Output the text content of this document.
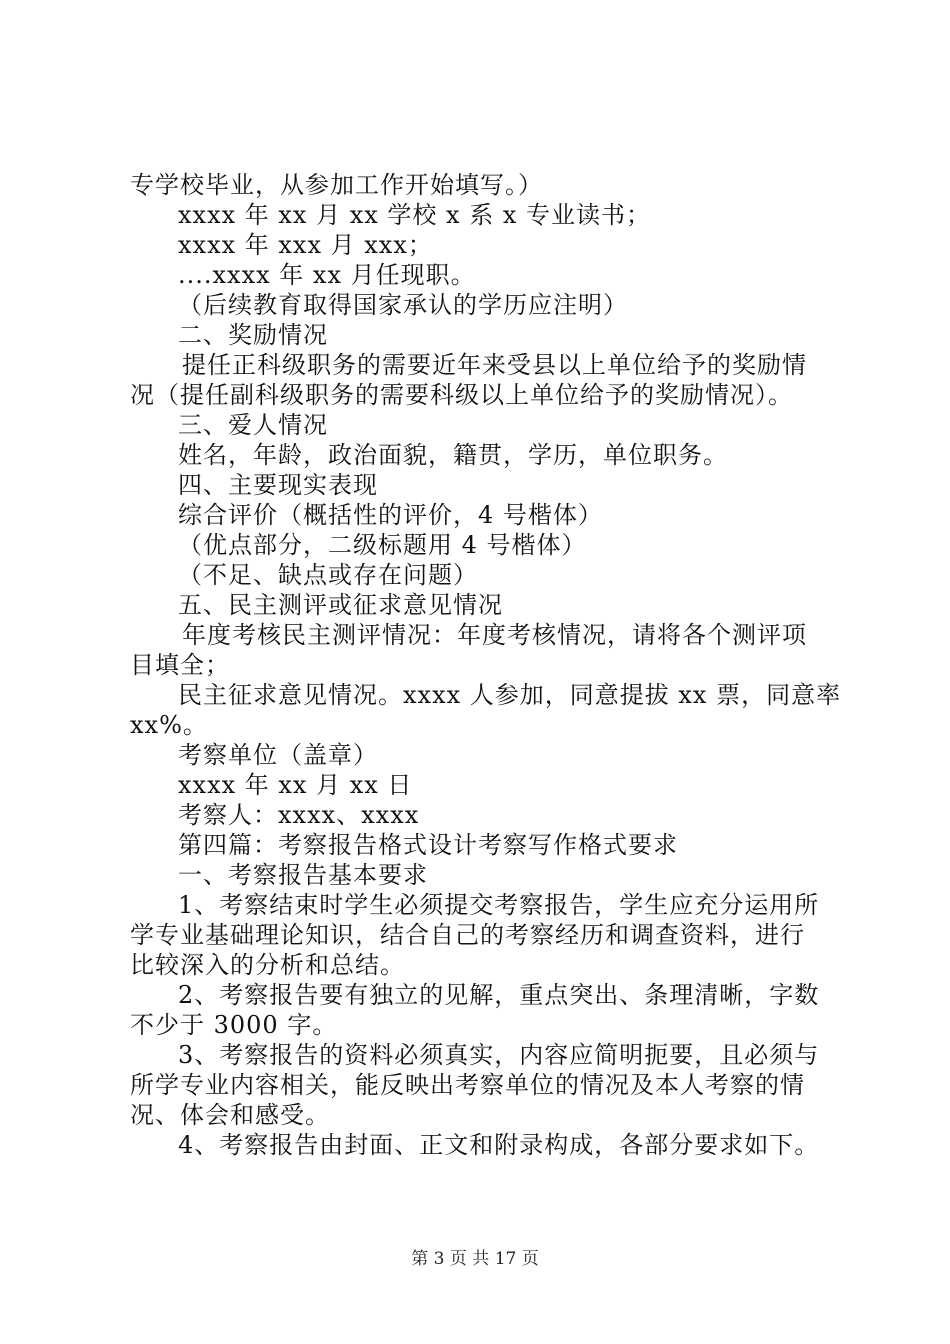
专学校毕业，从参加工作开始填写。）
xxxx 年 xx 月 xx 学校 x 系 x 专业读书；
xxxx 年 xxx 月 xxx；
....xxxx 年 xx 月任现职。
（后续教育取得国家承认的学历应注明）
二、奖励情况
提任正科级职务的需要近年来受县以上单位给予的奖励情
况（提任副科级职务的需要科级以上单位给予的奖励情况）。
三、爱人情况
姓名，年龄，政治面貌，籍贯，学历，单位职务。
四、主要现实表现
综合评价（概括性的评价，4 号楷体）
（优点部分，二级标题用 4 号楷体）
（不足、缺点或存在问题）
五、民主测评或征求意见情况
年度考核民主测评情况：年度考核情况，请将各个测评项
目填全；
民主征求意见情况。xxxx 人参加，同意提拔 xx 票，同意率
xx%。
考察单位（盖章）
xxxx 年 xx 月 xx 日
考察人：xxxx、xxxx
第四篇：考察报告格式设计考察写作格式要求
一、考察报告基本要求
1、考察结束时学生必须提交考察报告，学生应充分运用所
学专业基础理论知识，结合自己的考察经历和调查资料，进行
比较深入的分析和总结。
2、考察报告要有独立的见解，重点突出、条理清晰，字数
不少于 3000 字。
3、考察报告的资料必须真实，内容应简明扼要，且必须与
所学专业内容相关，能反映出考察单位的情况及本人考察的情
况、体会和感受。
4、考察报告由封面、正文和附录构成，各部分要求如下。
第 3 页 共 17 页
